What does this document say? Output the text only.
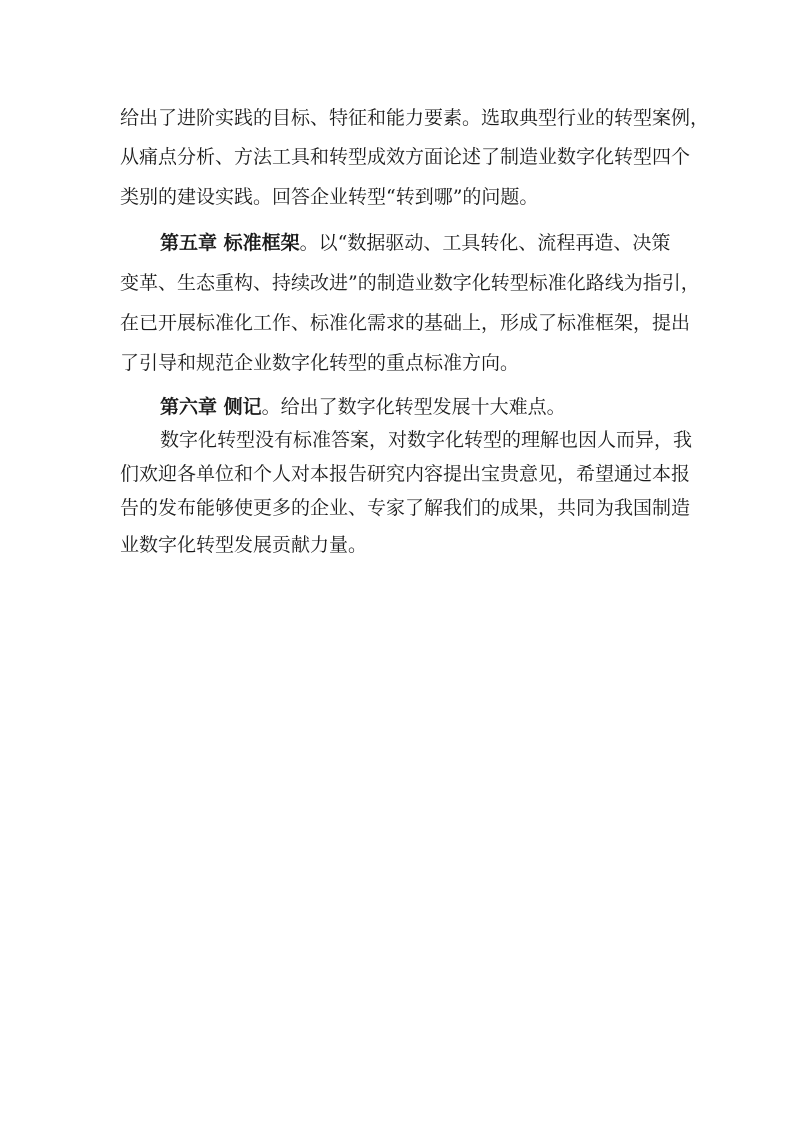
给出了进阶实践的目标、特征和能力要素。选取典型行业的转型案例，
从痛点分析、方法工具和转型成效方面论述了制造业数字化转型四个
类别的建设实践。回答企业转型“转到哪”的问题。
第五章 标准框架。以“数据驱动、工具转化、流程再造、决策
变革、生态重构、持续改进”的制造业数字化转型标准化路线为指引，
在已开展标准化工作、标准化需求的基础上，形成了标准框架，提出
了引导和规范企业数字化转型的重点标准方向。
第六章 侧记。给出了数字化转型发展十大难点。
数字化转型没有标准答案，对数字化转型的理解也因人而异，我
们欢迎各单位和个人对本报告研究内容提出宝贵意见，希望通过本报
告的发布能够使更多的企业、专家了解我们的成果，共同为我国制造
业数字化转型发展贡献力量。
